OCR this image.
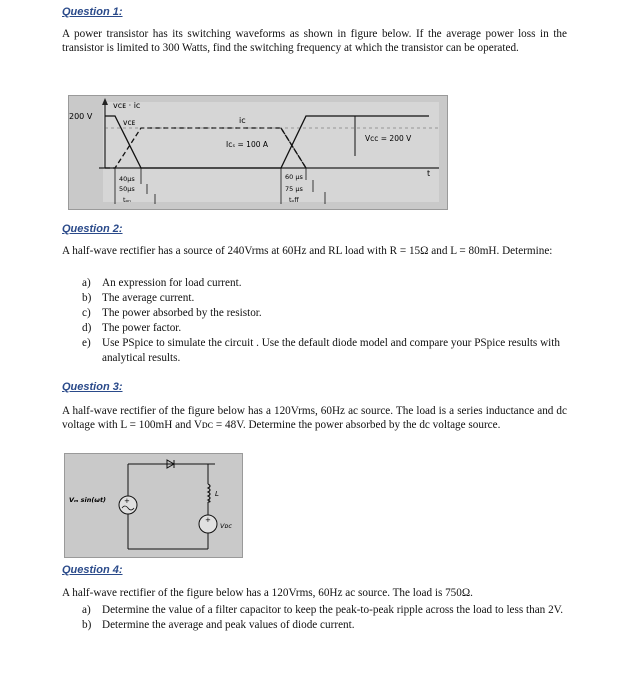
Question 1:
A power transistor has its switching waveforms as shown in figure below. If the average power loss in the transistor is limited to 300 Watts, find the switching frequency at which the transistor can be operated.
vᴄᴇ · iᴄ
200 V
vᴄᴇ	iᴄ
Iᴄₛ = 100 A
Vᴄᴄ = 200 V
t
40μs
50μs
tₒₙ
60 μs
75 μs
tₒff
Question 2:
A half-wave rectifier has a source of 240Vrms at 60Hz and RL load with R = 15Ω and L = 80mH. Determine:
a) An expression for load current.
b) The average current.
c) The power absorbed by the resistor.
d) The power factor.
e) Use PSpice to simulate the circuit . Use the default diode model and compare your PSpice results with analytical results.
Question 3:
A half-wave rectifier of the figure below has a 120Vrms, 60Hz ac source. The load is a series inductance and dc voltage with L = 100mH and Vᴅᴄ = 48V. Determine the power absorbed by the dc voltage source.
+
Vₘ sin(ωt)
L
+
Vᴅᴄ
Question 4:
A half-wave rectifier of the figure below has a 120Vrms, 60Hz ac source. The load is 750Ω.
a) Determine the value of a filter capacitor to keep the peak-to-peak ripple across the load to less than 2V.
b) Determine the average and peak values of diode current.
